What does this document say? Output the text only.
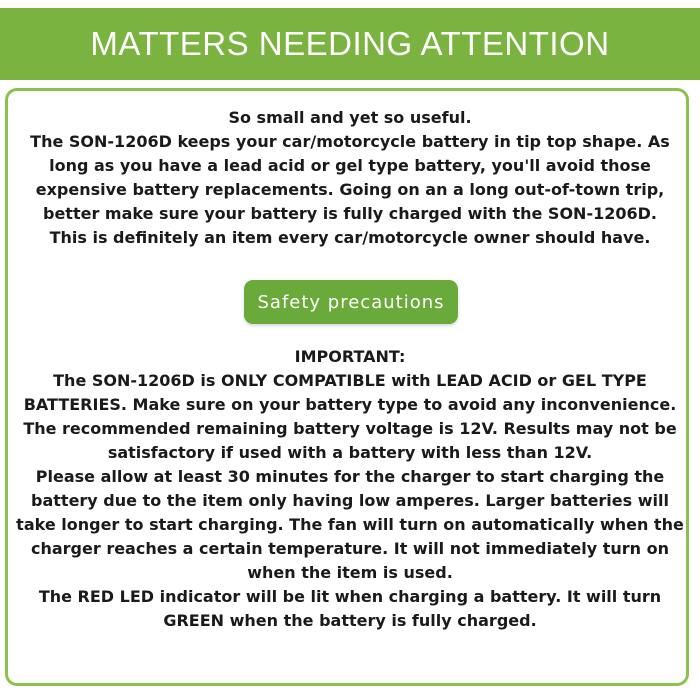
MATTERS NEEDING ATTENTION
So small and yet so useful.
The SON-1206D keeps your car/motorcycle battery in tip top shape. As
long as you have a lead acid or gel type battery, you'll avoid those
expensive battery replacements. Going on an a long out-of-town trip,
better make sure your battery is fully charged with the SON-1206D.
This is definitely an item every car/motorcycle owner should have.
Safety precautions
IMPORTANT:
The SON-1206D is ONLY COMPATIBLE with LEAD ACID or GEL TYPE
BATTERIES. Make sure on your battery type to avoid any inconvenience.
The recommended remaining battery voltage is 12V. Results may not be
satisfactory if used with a battery with less than 12V.
Please allow at least 30 minutes for the charger to start charging the
battery due to the item only having low amperes. Larger batteries will
take longer to start charging. The fan will turn on automatically when the
charger reaches a certain temperature. It will not immediately turn on
when the item is used.
The RED LED indicator will be lit when charging a battery. It will turn
GREEN when the battery is fully charged.
